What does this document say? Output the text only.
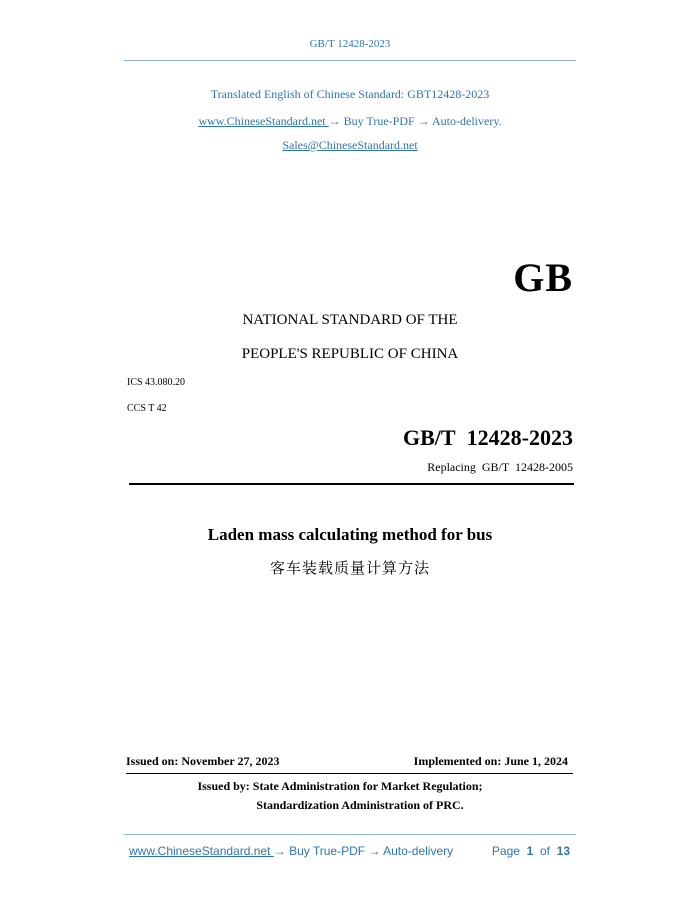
GB/T 12428-2023
Translated English of Chinese Standard: GBT12428-2023
www.ChineseStandard.net → Buy True-PDF → Auto-delivery.
Sales@ChineseStandard.net
GB
NATIONAL STANDARD OF THE
PEOPLE'S REPUBLIC OF CHINA
ICS 43.080.20
CCS T 42
GB/T 12428-2023
Replacing GB/T 12428-2005
Laden mass calculating method for bus
客车装载质量计算方法
Issued on: November 27, 2023	Implemented on: June 1, 2024
Issued by: State Administration for Market Regulation;
Standardization Administration of PRC.
www.ChineseStandard.net → Buy True-PDF → Auto-delivery	Page 1 of 13
